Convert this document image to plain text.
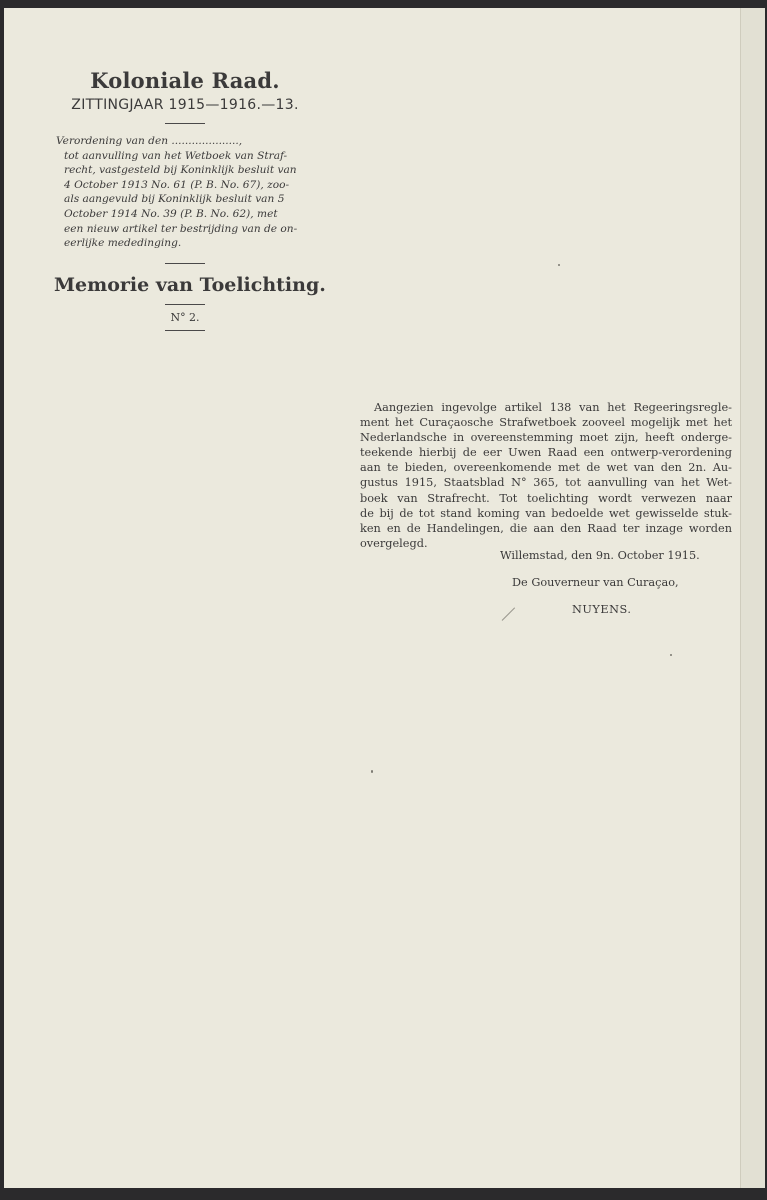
Koloniale Raad.
ZITTINGJAAR 1915—1916.—13.
Verordening van den ....................,
tot aanvulling van het Wetboek van Straf-
recht, vastgesteld bij Koninklijk besluit van
4 October 1913 No. 61 (P. B. No. 67), zoo-
als aangevuld bij Koninklijk besluit van 5
October 1914 No. 39 (P. B. No. 62), met
een nieuw artikel ter bestrijding van de on-
eerlijke mededinging.
Memorie van Toelichting.
N° 2.
Aangezien ingevolge artikel 138 van het Regeeringsregle-
ment het Curaçaosche Strafwetboek zooveel mogelijk met het
Nederlandsche in overeenstemming moet zijn, heeft onderge-
teekende hierbij de eer Uwen Raad een ontwerp-verordening
aan te bieden, overeenkomende met de wet van den 2n. Au-
gustus 1915, Staatsblad N° 365, tot aanvulling van het Wet-
boek van Strafrecht. Tot toelichting wordt verwezen naar
de bij de tot stand koming van bedoelde wet gewisselde stuk-
ken en de Handelingen, die aan den Raad ter inzage worden
overgelegd.
Willemstad, den 9n. October 1915.
De Gouverneur van Curaçao,
NUYENS.
